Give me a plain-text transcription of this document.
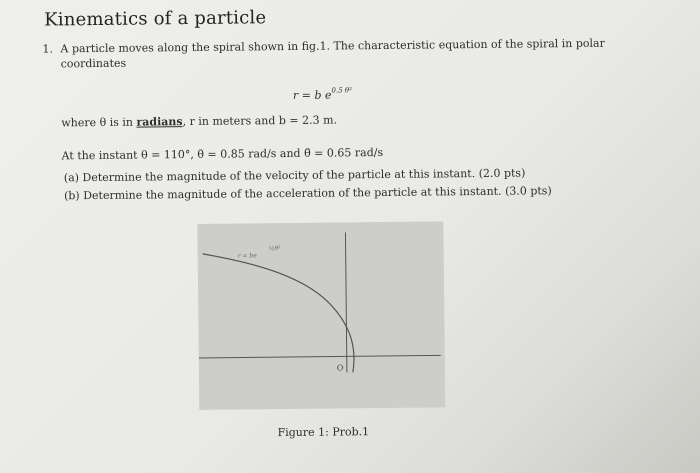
Kinematics of a particle
1. A particle moves along the spiral shown in fig.1. The characteristic equation of the spiral in polar
coordinates
r = b $e^{0.5 \theta^2}$
where θ is in radians, r in meters and b = 2.3 m.
At the instant θ = 110°, θ̇ = 0.85 rad/s and θ̈ = 0.65 rad/s
(a) Determine the magnitude of the velocity of the particle at this instant. (2.0 pts)
(b) Determine the magnitude of the acceleration of the particle at this instant. (3.0 pts)
r = be
½θ²
O
Figure 1: Prob.1
